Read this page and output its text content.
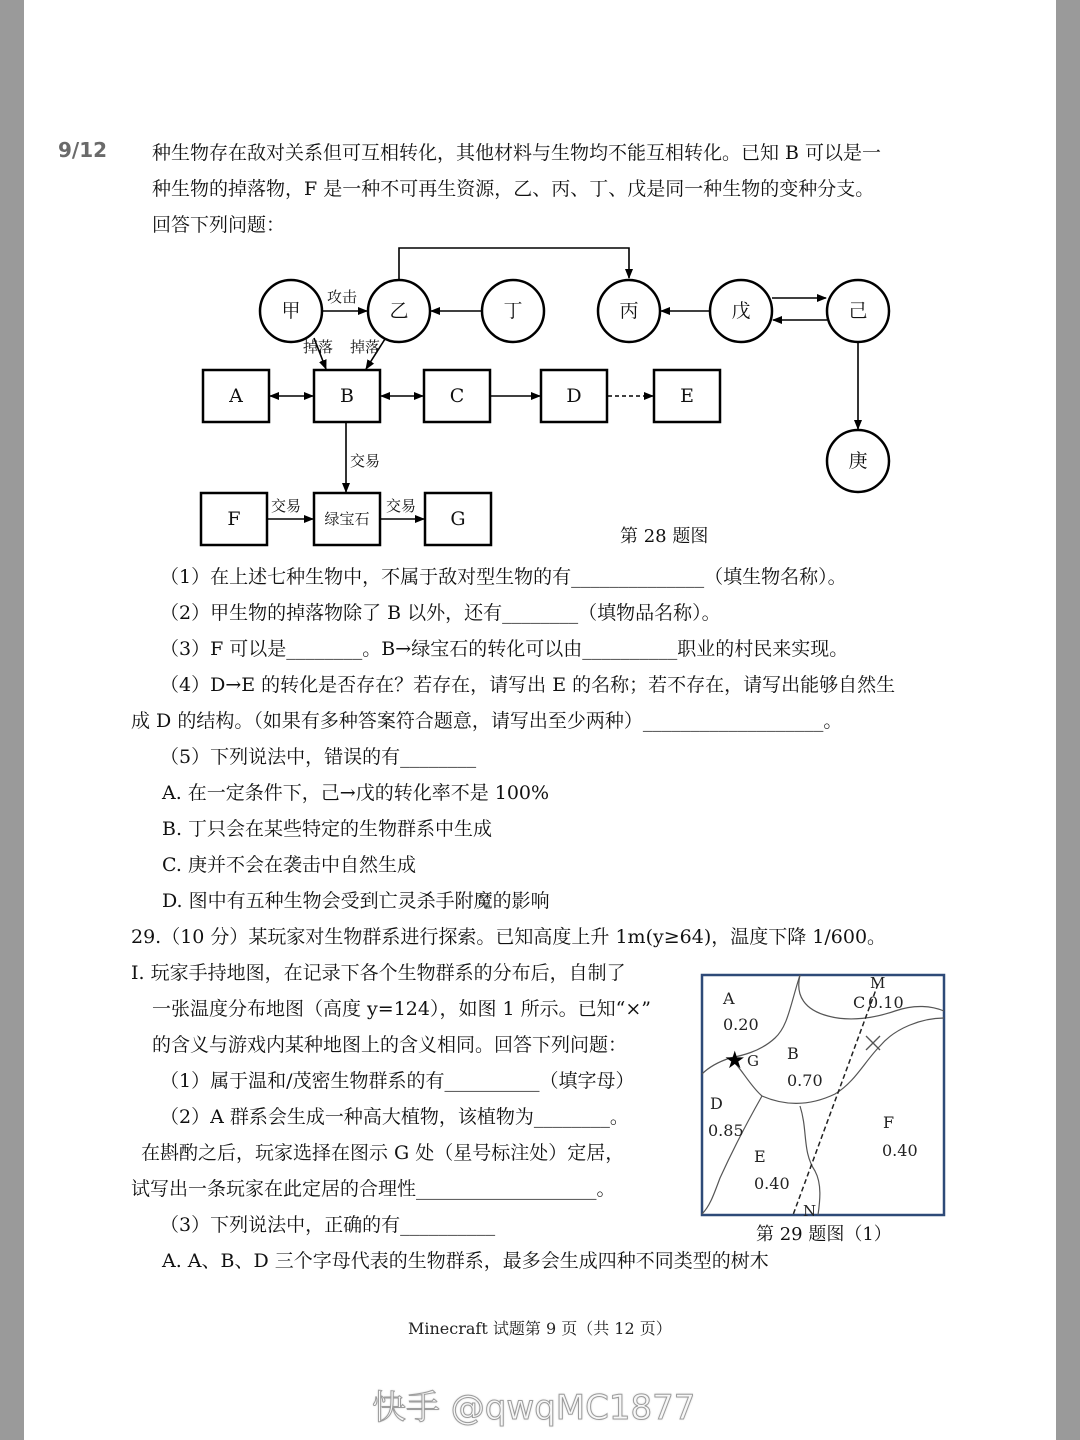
9/12 种生物存在敌对关系但可互相转化，其他材料与生物均不能互相转化。已知 B 可以是一
种生物的掉落物，F 是一种不可再生资源，乙、丙、丁、戊是同一种生物的变种分支。
回答下列问题：
甲	乙	丁	丙	戊	己
庚
A	B	C	D	E
F	绿宝石	G
攻击
掉落 掉落
交易
交易	交易
第 28 题图
（1）在上述七种生物中，不属于敌对型生物的有______________（填生物名称）。
（2）甲生物的掉落物除了 B 以外，还有________（填物品名称）。
（3）F 可以是________。B→绿宝石的转化可以由__________职业的村民来实现。
（4）D→E 的转化是否存在？若存在，请写出 E 的名称；若不存在，请写出能够自然生
成 D 的结构。（如果有多种答案符合题意，请写出至少两种）___________________。
（5）下列说法中，错误的有________
A. 在一定条件下，己→戊的转化率不是 100%
B. 丁只会在某些特定的生物群系中生成
C. 庚并不会在袭击中自然生成
D. 图中有五种生物会受到亡灵杀手附魔的影响
29.（10 分）某玩家对生物群系进行探索。已知高度上升 1m(y≥64)，温度下降 1/600。
I. 玩家手持地图，在记录下各个生物群系的分布后，自制了
一张温度分布地图（高度 y=124），如图 1 所示。已知“×”
的含义与游戏内某种地图上的含义相同。回答下列问题：
（1）属于温和/茂密生物群系的有__________（填字母）
（2）A 群系会生成一种高大植物，该植物为________。
在斟酌之后，玩家选择在图示 G 处（星号标注处）定居，
试写出一条玩家在此定居的合理性___________________。
（3）下列说法中，正确的有__________
A. A、B、D 三个字母代表的生物群系，最多会生成四种不同类型的树木
★
A
0.20
B
0.70
C 0.10
D
0.85
E
0.40
F
0.40
G
M
N
第 29 题图（1）
Minecraft 试题第 9 页（共 12 页）
快手 @qwqMC1877
